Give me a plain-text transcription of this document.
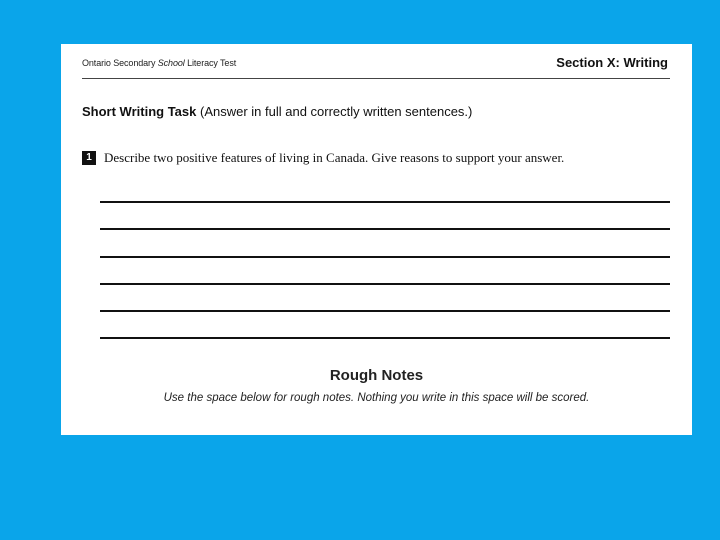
Ontario Secondary School Literacy Test	Section X: Writing
Short Writing Task (Answer in full and correctly written sentences.)
1 Describe two positive features of living in Canada. Give reasons to support your answer.
Rough Notes
Use the space below for rough notes. Nothing you write in this space will be scored.
